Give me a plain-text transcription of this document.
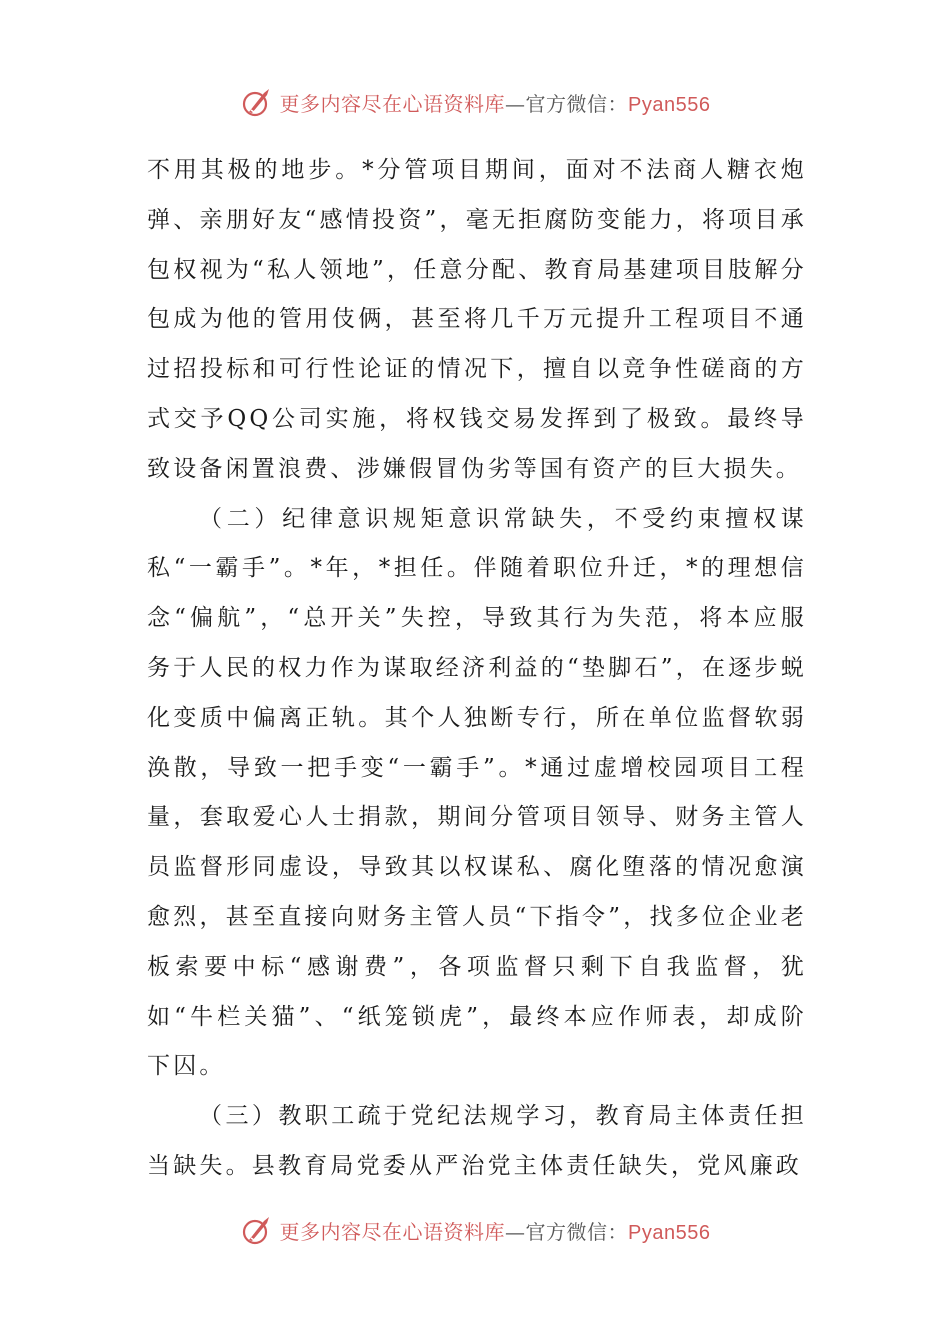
更多内容尽在心语资料库—官方微信：Pyan556

不用其极的地步。*分管项目期间，面对不法商人糖衣炮弹、亲朋好友“感情投资”，毫无拒腐防变能力，将项目承包权视为“私人领地”，任意分配、教育局基建项目肢解分包成为他的管用伎俩，甚至将几千万元提升工程项目不通过招投标和可行性论证的情况下，擅自以竞争性磋商的方式交予QQ公司实施，将权钱交易发挥到了极致。最终导致设备闲置浪费、涉嫌假冒伪劣等国有资产的巨大损失。

（二）纪律意识规矩意识常缺失，不受约束擅权谋私“一霸手”。*年，*担任。伴随着职位升迁，*的理想信念“偏航”，“总开关”失控，导致其行为失范，将本应服务于人民的权力作为谋取经济利益的“垫脚石”，在逐步蜕化变质中偏离正轨。其个人独断专行，所在单位监督软弱涣散，导致一把手变“一霸手”。*通过虚增校园项目工程量，套取爱心人士捐款，期间分管项目领导、财务主管人员监督形同虚设，导致其以权谋私、腐化堕落的情况愈演愈烈，甚至直接向财务主管人员“下指令”，找多位企业老板索要中标“感谢费”，各项监督只剩下自我监督，犹如“牛栏关猫”、“纸笼锁虎”，最终本应作师表，却成阶下囚。

（三）教职工疏于党纪法规学习，教育局主体责任担当缺失。县教育局党委从严治党主体责任缺失，党风廉政

更多内容尽在心语资料库—官方微信：Pyan556
